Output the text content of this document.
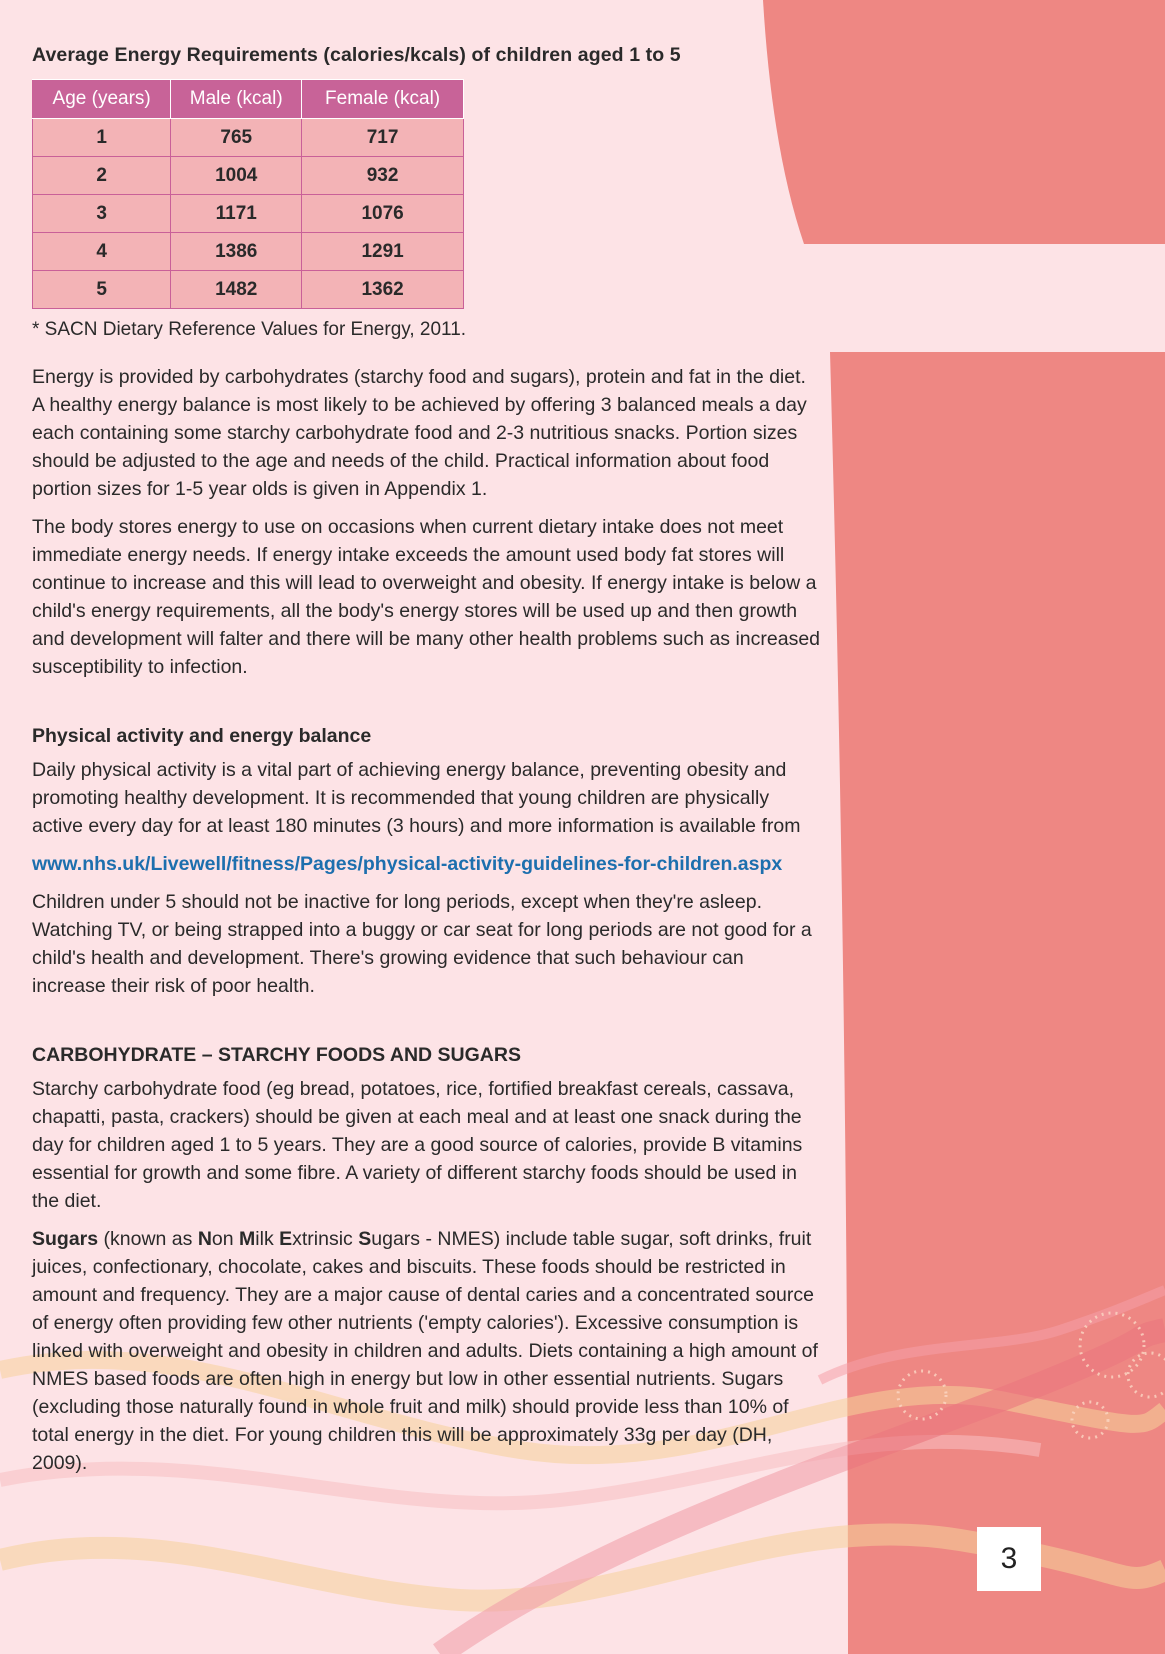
Average Energy Requirements (calories/kcals) of children aged 1 to 5
Age (years)	Male (kcal)	Female (kcal)
1	765	717
2	1004	932
3	1171	1076
4	1386	1291
5	1482	1362
* SACN Dietary Reference Values for Energy, 2011.

Energy is provided by carbohydrates (starchy food and sugars), protein and fat in the diet. A healthy energy balance is most likely to be achieved by offering 3 balanced meals a day each containing some starchy carbohydrate food and 2-3 nutritious snacks. Portion sizes should be adjusted to the age and needs of the child. Practical information about food portion sizes for 1-5 year olds is given in Appendix 1.

The body stores energy to use on occasions when current dietary intake does not meet immediate energy needs. If energy intake exceeds the amount used body fat stores will continue to increase and this will lead to overweight and obesity. If energy intake is below a child's energy requirements, all the body's energy stores will be used up and then growth and development will falter and there will be many other health problems such as increased susceptibility to infection.

Physical activity and energy balance

Daily physical activity is a vital part of achieving energy balance, preventing obesity and promoting healthy development. It is recommended that young children are physically active every day for at least 180 minutes (3 hours) and more information is available from

www.nhs.uk/Livewell/fitness/Pages/physical-activity-guidelines-for-children.aspx

Children under 5 should not be inactive for long periods, except when they're asleep. Watching TV, or being strapped into a buggy or car seat for long periods are not good for a child's health and development. There's growing evidence that such behaviour can increase their risk of poor health.

CARBOHYDRATE – STARCHY FOODS AND SUGARS

Starchy carbohydrate food (eg bread, potatoes, rice, fortified breakfast cereals, cassava, chapatti, pasta, crackers) should be given at each meal and at least one snack during the day for children aged 1 to 5 years. They are a good source of calories, provide B vitamins essential for growth and some fibre. A variety of different starchy foods should be used in the diet.

Sugars (known as Non Milk Extrinsic Sugars - NMES) include table sugar, soft drinks, fruit juices, confectionary, chocolate, cakes and biscuits. These foods should be restricted in amount and frequency. They are a major cause of dental caries and a concentrated source of energy often providing few other nutrients ('empty calories'). Excessive consumption is linked with overweight and obesity in children and adults. Diets containing a high amount of NMES based foods are often high in energy but low in other essential nutrients. Sugars (excluding those naturally found in whole fruit and milk) should provide less than 10% of total energy in the diet. For young children this will be approximately 33g per day (DH, 2009).

3
